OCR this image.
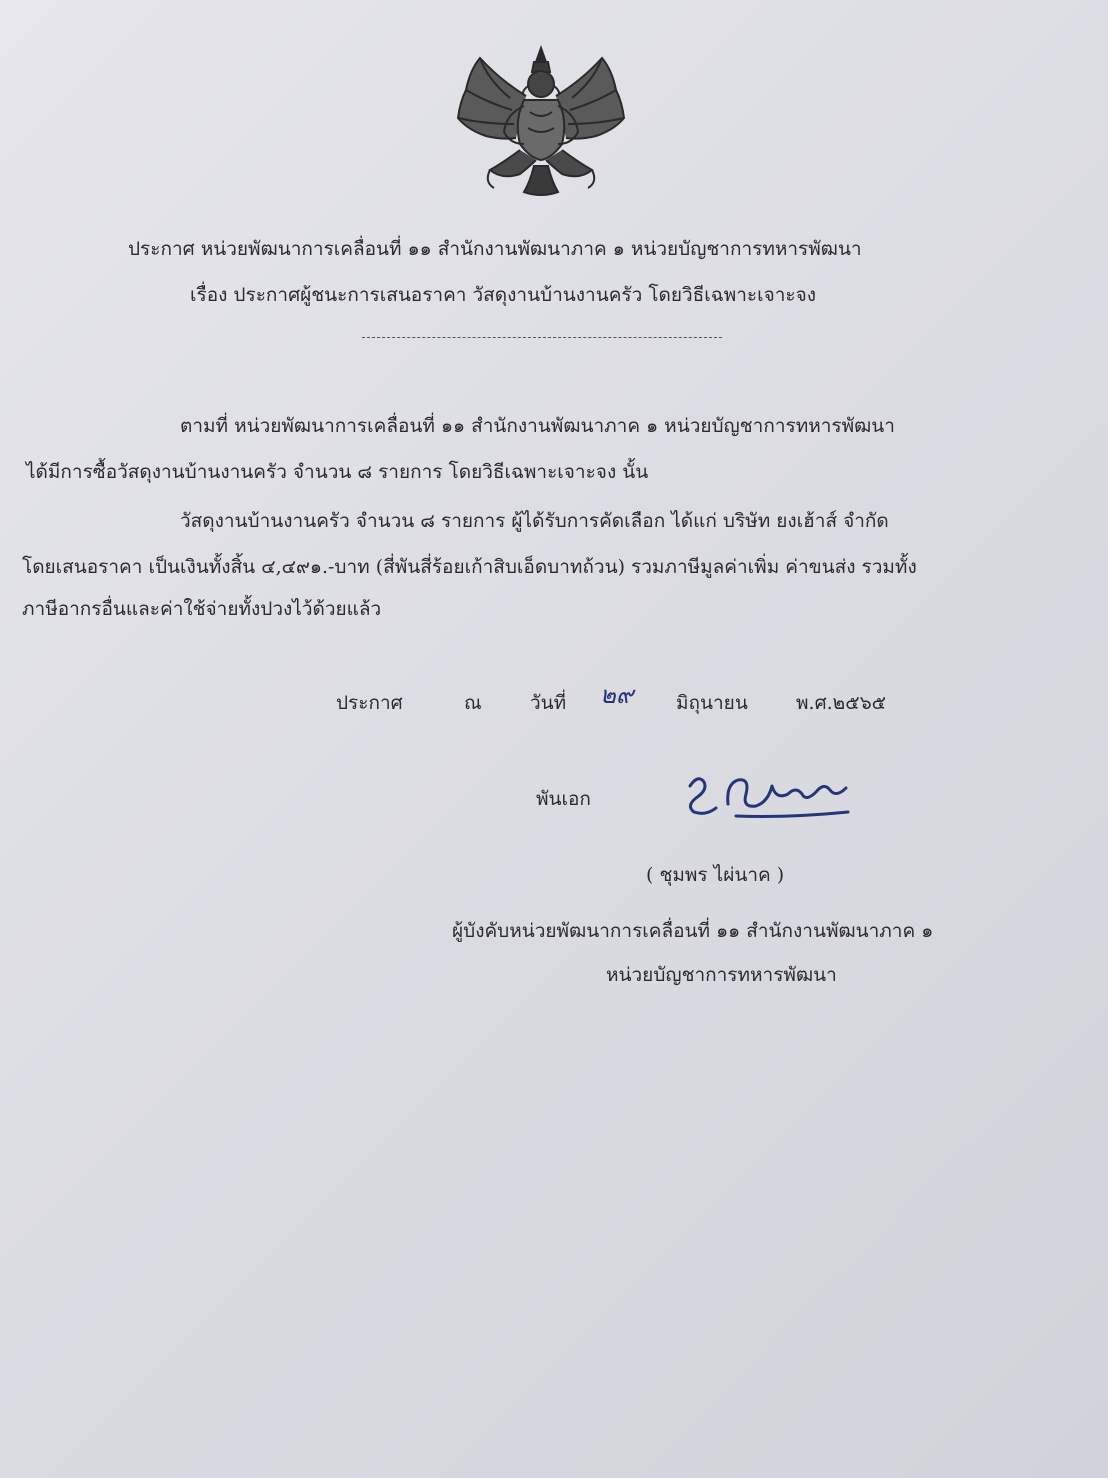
ประกาศ หน่วยพัฒนาการเคลื่อนที่ ๑๑ สำนักงานพัฒนาภาค ๑ หน่วยบัญชาการทหารพัฒนา
เรื่อง ประกาศผู้ชนะการเสนอราคา วัสดุงานบ้านงานครัว โดยวิธีเฉพาะเจาะจง
ตามที่ หน่วยพัฒนาการเคลื่อนที่ ๑๑ สำนักงานพัฒนาภาค ๑ หน่วยบัญชาการทหารพัฒนา
ได้มีการซื้อวัสดุงานบ้านงานครัว จำนวน ๘ รายการ โดยวิธีเฉพาะเจาะจง นั้น
วัสดุงานบ้านงานครัว จำนวน ๘ รายการ ผู้ได้รับการคัดเลือก ได้แก่ บริษัท ยงเฮ้าส์ จำกัด
โดยเสนอราคา เป็นเงินทั้งสิ้น ๔,๔๙๑.-บาท (สี่พันสี่ร้อยเก้าสิบเอ็ดบาทถ้วน) รวมภาษีมูลค่าเพิ่ม ค่าขนส่ง รวมทั้ง
ภาษีอากรอื่นและค่าใช้จ่ายทั้งปวงไว้ด้วยแล้ว
ประกาศ	ณ	วันที่ ๒๙ มิถุนายน	พ.ศ.๒๕๖๕
พันเอก
( ชุมพร ไผ่นาค )
ผู้บังคับหน่วยพัฒนาการเคลื่อนที่ ๑๑ สำนักงานพัฒนาภาค ๑
หน่วยบัญชาการทหารพัฒนา
